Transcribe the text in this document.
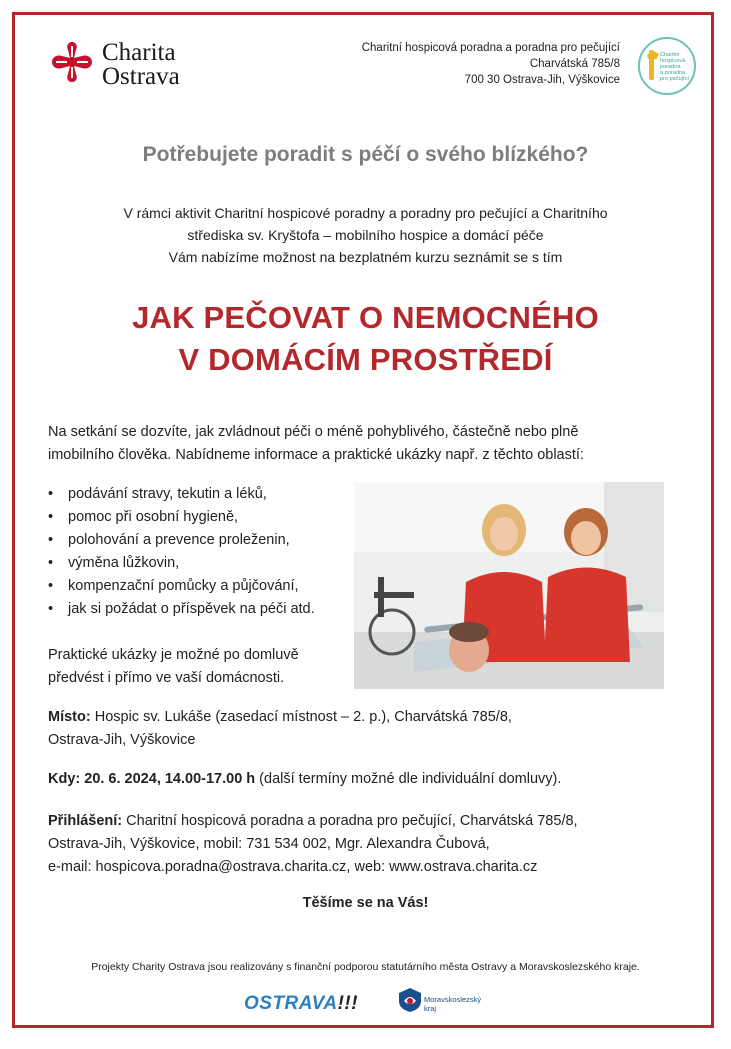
Charita
Ostrava
Charitní hospicová poradna a poradna pro pečující
Charvátská 785/8
700 30 Ostrava-Jih, Výškovice
Charitní
hospicová
poradna
a poradna
pro pečující
Potřebujete poradit s péčí o svého blízkého?
V rámci aktivit Charitní hospicové poradny a poradny pro pečující a Charitního
střediska sv. Kryštofa – mobilního hospice a domácí péče
Vám nabízíme možnost na bezplatném kurzu seznámit se s tím
JAK PEČOVAT O NEMOCNÉHO
V DOMÁCÍM PROSTŘEDÍ
Na setkání se dozvíte, jak zvládnout péči o méně pohyblivého, částečně nebo plně
imobilního člověka. Nabídneme informace a praktické ukázky např. z těchto oblastí:
• podávání stravy, tekutin a léků,
• pomoc při osobní hygieně,
• polohování a prevence proleženin,
• výměna lůžkovin,
• kompenzační pomůcky a půjčování,
• jak si požádat o příspěvek na péči atd.
Praktické ukázky je možné po domluvě
předvést i přímo ve vaší domácnosti.
Místo: Hospic sv. Lukáše (zasedací místnost – 2. p.), Charvátská 785/8,
Ostrava-Jih, Výškovice
Kdy: 20. 6. 2024, 14.00-17.00 h (další termíny možné dle individuální domluvy).
Přihlášení: Charitní hospicová poradna a poradna pro pečující, Charvátská 785/8,
Ostrava-Jih, Výškovice, mobil: 731 534 002, Mgr. Alexandra Čubová,
e-mail: hospicova.poradna@ostrava.charita.cz, web: www.ostrava.charita.cz
Těšíme se na Vás!
Projekty Charity Ostrava jsou realizovány s finanční podporou statutárního města Ostravy a Moravskoslezského kraje.
OSTRAVA!!!	Moravskoslezský
kraj
